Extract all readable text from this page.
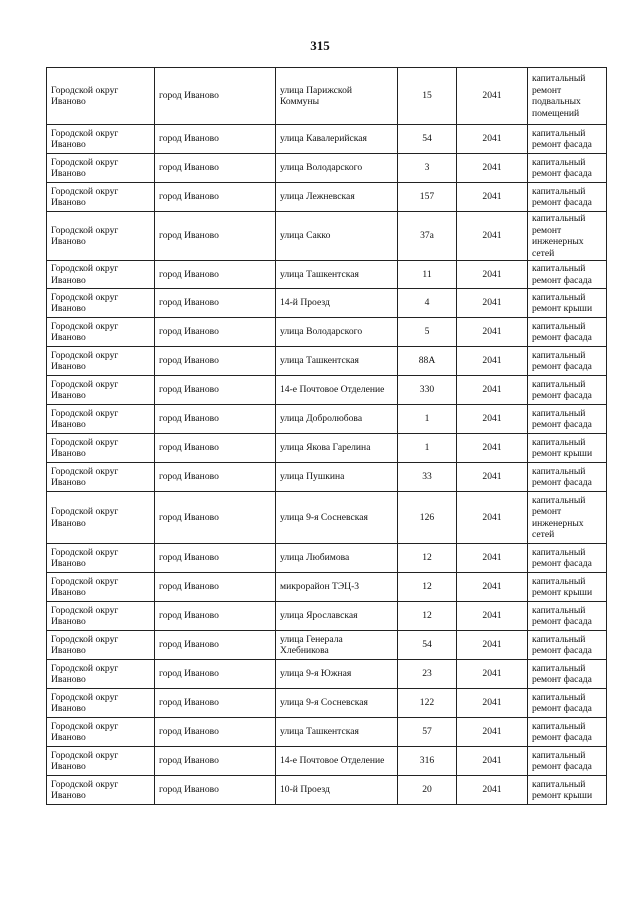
315
Городской округ Иваново	город Иваново	улица Парижской Коммуны	15	2041	капитальный ремонт подвальных помещений
Городской округ Иваново	город Иваново	улица Кавалерийская	54	2041	капитальный ремонт фасада
Городской округ Иваново	город Иваново	улица Володарского	3	2041	капитальный ремонт фасада
Городской округ Иваново	город Иваново	улица Лежневская	157	2041	капитальный ремонт фасада
Городской округ Иваново	город Иваново	улица Сакко	37а	2041	капитальный ремонт инженерных сетей
Городской округ Иваново	город Иваново	улица Ташкентская	11	2041	капитальный ремонт фасада
Городской округ Иваново	город Иваново	14-й Проезд	4	2041	капитальный ремонт крыши
Городской округ Иваново	город Иваново	улица Володарского	5	2041	капитальный ремонт фасада
Городской округ Иваново	город Иваново	улица Ташкентская	88А	2041	капитальный ремонт фасада
Городской округ Иваново	город Иваново	14-е Почтовое Отделение	330	2041	капитальный ремонт фасада
Городской округ Иваново	город Иваново	улица Добролюбова	1	2041	капитальный ремонт фасада
Городской округ Иваново	город Иваново	улица Якова Гарелина	1	2041	капитальный ремонт крыши
Городской округ Иваново	город Иваново	улица Пушкина	33	2041	капитальный ремонт фасада
Городской округ Иваново	город Иваново	улица 9-я Сосневская	126	2041	капитальный ремонт инженерных сетей
Городской округ Иваново	город Иваново	улица Любимова	12	2041	капитальный ремонт фасада
Городской округ Иваново	город Иваново	микрорайон ТЭЦ-3	12	2041	капитальный ремонт крыши
Городской округ Иваново	город Иваново	улица Ярославская	12	2041	капитальный ремонт фасада
Городской округ Иваново	город Иваново	улица Генерала Хлебникова	54	2041	капитальный ремонт фасада
Городской округ Иваново	город Иваново	улица 9-я Южная	23	2041	капитальный ремонт фасада
Городской округ Иваново	город Иваново	улица 9-я Сосневская	122	2041	капитальный ремонт фасада
Городской округ Иваново	город Иваново	улица Ташкентская	57	2041	капитальный ремонт фасада
Городской округ Иваново	город Иваново	14-е Почтовое Отделение	316	2041	капитальный ремонт фасада
Городской округ Иваново	город Иваново	10-й Проезд	20	2041	капитальный ремонт крыши
